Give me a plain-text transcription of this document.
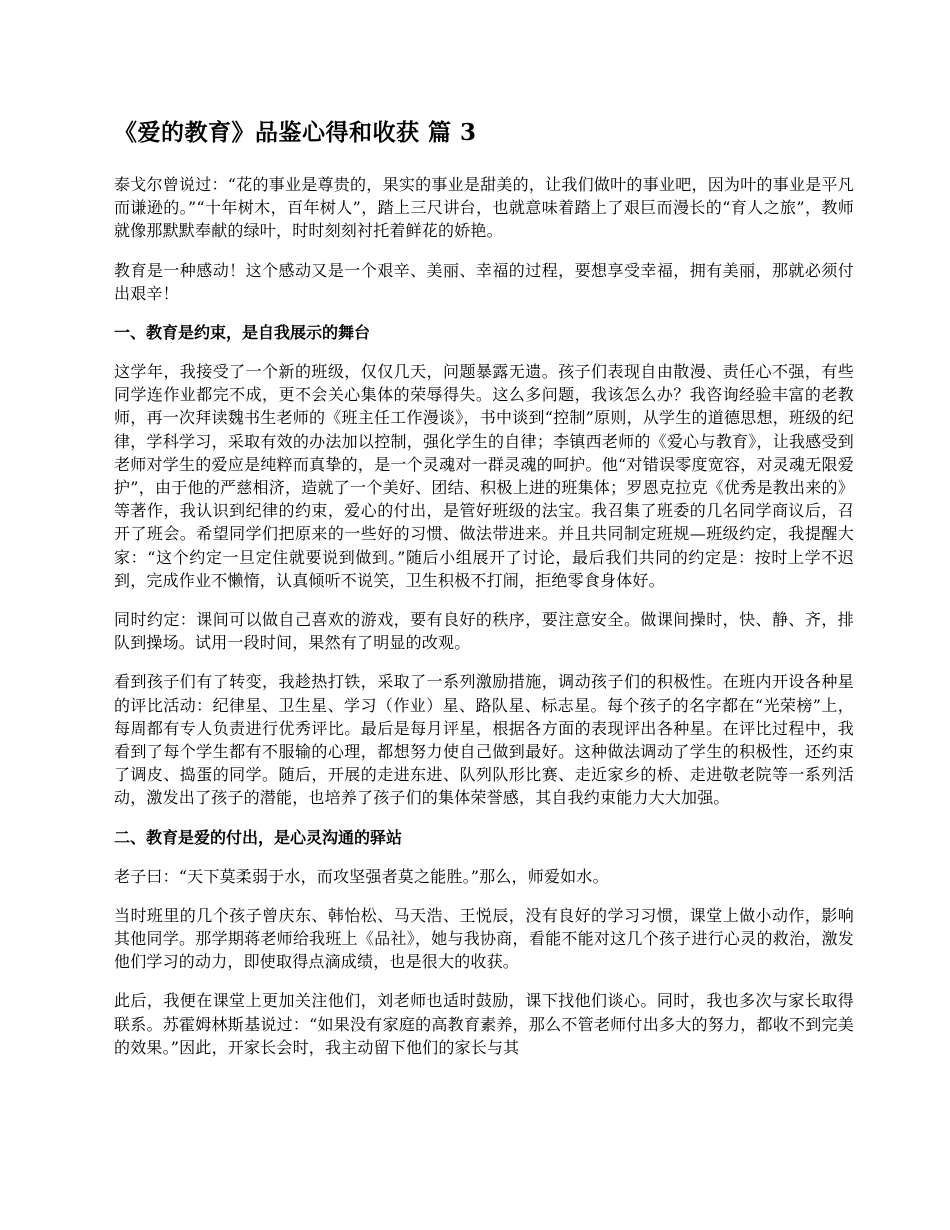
《爱的教育》品鉴心得和收获 篇 3

泰戈尔曾说过：“花的事业是尊贵的，果实的事业是甜美的，让我们做叶的事业吧，因为叶的事业是平凡而谦逊的。”“十年树木，百年树人”，踏上三尺讲台，也就意味着踏上了艰巨而漫长的“育人之旅”，教师就像那默默奉献的绿叶，时时刻刻衬托着鲜花的娇艳。

教育是一种感动！这个感动又是一个艰辛、美丽、幸福的过程，要想享受幸福，拥有美丽，那就必须付出艰辛！

一、教育是约束，是自我展示的舞台

这学年，我接受了一个新的班级，仅仅几天，问题暴露无遗。孩子们表现自由散漫、责任心不强，有些同学连作业都完不成，更不会关心集体的荣辱得失。这么多问题，我该怎么办？我咨询经验丰富的老教师，再一次拜读魏书生老师的《班主任工作漫谈》，书中谈到“控制”原则，从学生的道德思想，班级的纪律，学科学习，采取有效的办法加以控制，强化学生的自律；李镇西老师的《爱心与教育》，让我感受到老师对学生的爱应是纯粹而真挚的，是一个灵魂对一群灵魂的呵护。他“对错误零度宽容，对灵魂无限爱护”，由于他的严慈相济，造就了一个美好、团结、积极上进的班集体；罗恩克拉克《优秀是教出来的》等著作，我认识到纪律的约束，爱心的付出，是管好班级的法宝。我召集了班委的几名同学商议后，召开了班会。希望同学们把原来的一些好的习惯、做法带进来。并且共同制定班规—班级约定，我提醒大家：“这个约定一旦定住就要说到做到。”随后小组展开了讨论，最后我们共同的约定是：按时上学不迟到，完成作业不懒惰，认真倾听不说笑，卫生积极不打闹，拒绝零食身体好。

同时约定：课间可以做自己喜欢的游戏，要有良好的秩序，要注意安全。做课间操时，快、静、齐，排队到操场。试用一段时间，果然有了明显的改观。

看到孩子们有了转变，我趁热打铁，采取了一系列激励措施，调动孩子们的积极性。在班内开设各种星的评比活动：纪律星、卫生星、学习（作业）星、路队星、标志星。每个孩子的名字都在“光荣榜”上，每周都有专人负责进行优秀评比。最后是每月评星，根据各方面的表现评出各种星。在评比过程中，我看到了每个学生都有不服输的心理，都想努力使自己做到最好。这种做法调动了学生的积极性，还约束了调皮、捣蛋的同学。随后，开展的走进东进、队列队形比赛、走近家乡的桥、走进敬老院等一系列活动，激发出了孩子的潜能，也培养了孩子们的集体荣誉感，其自我约束能力大大加强。

二、教育是爱的付出，是心灵沟通的驿站

老子曰：“天下莫柔弱于水，而攻坚强者莫之能胜。”那么，师爱如水。

当时班里的几个孩子曾庆东、韩怡松、马天浩、王悦辰，没有良好的学习习惯，课堂上做小动作，影响其他同学。那学期蒋老师给我班上《品社》，她与我协商，看能不能对这几个孩子进行心灵的救治，激发他们学习的动力，即使取得点滴成绩，也是很大的收获。

此后，我便在课堂上更加关注他们，刘老师也适时鼓励，课下找他们谈心。同时，我也多次与家长取得联系。苏霍姆林斯基说过：“如果没有家庭的高教育素养，那么不管老师付出多大的努力，都收不到完美的效果。”因此，开家长会时，我主动留下他们的家长与其
